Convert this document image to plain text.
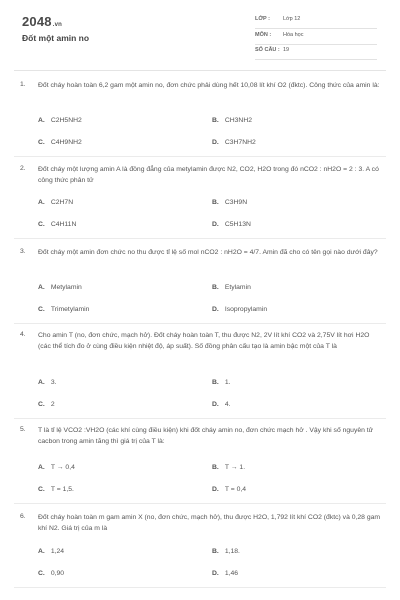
2048.vn
Đốt một amin no
LỚP : Lớp 12
MÔN : Hóa học
SỐ CÂU : 19
1. Đốt cháy hoàn toàn 6,2 gam một amin no, đơn chức phải dùng hết 10,08 lít khí O2 (đktc). Công thức của amin là:
A. C2H5NH2	B. CH3NH2
C. C4H9NH2	D. C3H7NH2
2. Đốt cháy một lượng amin A là đồng đẳng của metylamin được N2, CO2, H2O trong đó nCO2 : nH2O = 2 : 3. A có công thức phân tử
A. C2H7N	B. C3H9N
C. C4H11N	D. C5H13N
3. Đốt cháy một amin đơn chức no thu được tỉ lệ số mol nCO2 : nH2O = 4/7. Amin đã cho có tên gọi nào dưới đây?
A. Metylamin	B. Etylamin
C. Trimetylamin	D. Isopropylamin
4. Cho amin T (no, đơn chức, mạch hở). Đốt cháy hoàn toàn T, thu được N2, 2V lít khí CO2 và 2,75V lít hơi H2O (các thể tích đo ở cùng điều kiện nhiệt độ, áp suất). Số đồng phân cấu tạo là amin bậc một của T là
A. 3.	B. 1.
C. 2	D. 4.
5. T là tỉ lệ VCO2 :VH2O (các khí cùng điều kiện) khi đốt cháy amin no, đơn chức mạch hở . Vậy khi số nguyên tử cacbon trong amin tăng thì giá trị của T là:
A. T → 0,4	B. T → 1.
C. T = 1,5.	D. T = 0,4
6. Đốt cháy hoàn toàn m gam amin X (no, đơn chức, mạch hở), thu được H2O, 1,792 lít khí CO2 (đktc) và 0,28 gam khí N2. Giá trị của m là
A. 1,24	B. 1,18.
C. 0,90	D. 1,46
